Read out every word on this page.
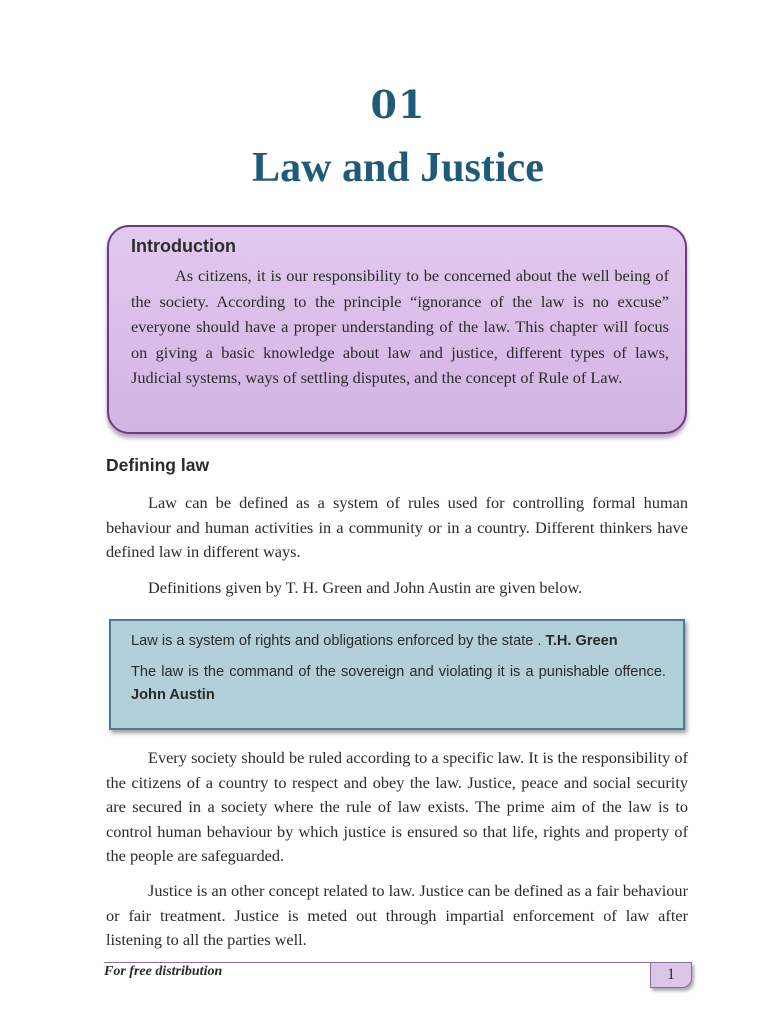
01
Law and Justice
Introduction

As citizens, it is our responsibility to be concerned about the well being of the society. According to the principle “ignorance of the law is no excuse” everyone should have a proper understanding of the law. This chapter will focus on giving a basic knowledge about law and justice, different types of laws, Judicial systems, ways of settling disputes, and the concept of Rule of Law.

Defining law

Law can be defined as a system of rules used for controlling formal human behaviour and human activities in a community or in a country. Different thinkers have defined law in different ways.

Definitions given by T. H. Green and John Austin are given below.

Law is a system of rights and obligations enforced by the state . T.H. Green

The law is the command of the sovereign and violating it is a punishable offence. John Austin

Every society should be ruled according to a specific law. It is the responsibility of the citizens of a country to respect and obey the law. Justice, peace and social security are secured in a society where the rule of law exists. The prime aim of the law is to control human behaviour by which justice is ensured so that life, rights and property of the people are safeguarded.

Justice is an other concept related to law. Justice can be defined as a fair behaviour or fair treatment. Justice is meted out through impartial enforcement of law after listening to all the parties well.

For free distribution	1
